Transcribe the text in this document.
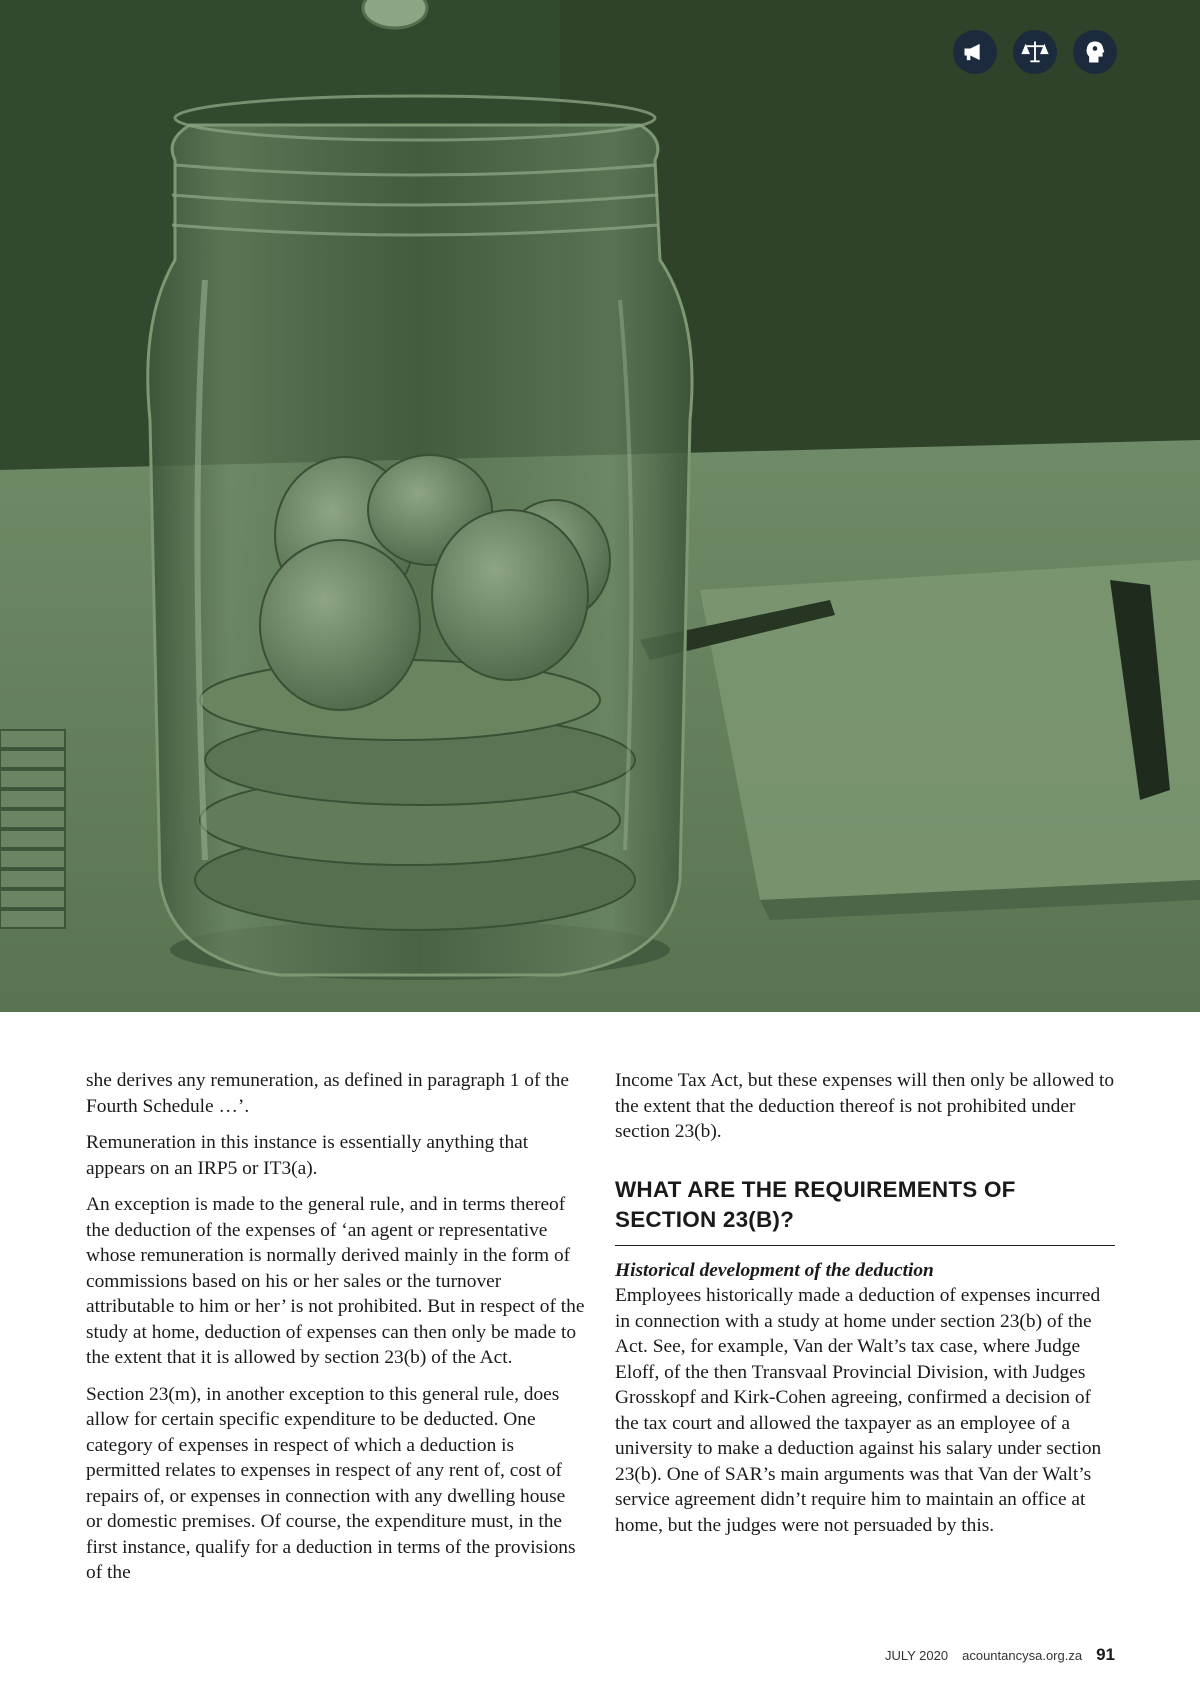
she derives any remuneration, as defined in paragraph 1 of the Fourth Schedule …’.

Remuneration in this instance is essentially anything that appears on an IRP5 or IT3(a).

An exception is made to the general rule, and in terms thereof the deduction of the expenses of ‘an agent or representative whose remuneration is normally derived mainly in the form of commissions based on his or her sales or the turnover attributable to him or her’ is not prohibited. But in respect of the study at home, deduction of expenses can then only be made to the extent that it is allowed by section 23(b) of the Act.

Section 23(m), in another exception to this general rule, does allow for certain specific expenditure to be deducted. One category of expenses in respect of which a deduction is permitted relates to expenses in respect of any rent of, cost of repairs of, or expenses in connection with any dwelling house or domestic premises. Of course, the expenditure must, in the first instance, qualify for a deduction in terms of the provisions of the

Income Tax Act, but these expenses will then only be allowed to the extent that the deduction thereof is not prohibited under section 23(b).

WHAT ARE THE REQUIREMENTS OF SECTION 23(B)?

Historical development of the deduction
Employees historically made a deduction of expenses incurred in connection with a study at home under section 23(b) of the Act. See, for example, Van der Walt’s tax case, where Judge Eloff, of the then Transvaal Provincial Division, with Judges Grosskopf and Kirk-Cohen agreeing, confirmed a decision of the tax court and allowed the taxpayer as an employee of a university to make a deduction against his salary under section 23(b). One of SAR’s main arguments was that Van der Walt’s service agreement didn’t require him to maintain an office at home, but the judges were not persuaded by this.

JULY 2020 acountancysa.org.za 91
